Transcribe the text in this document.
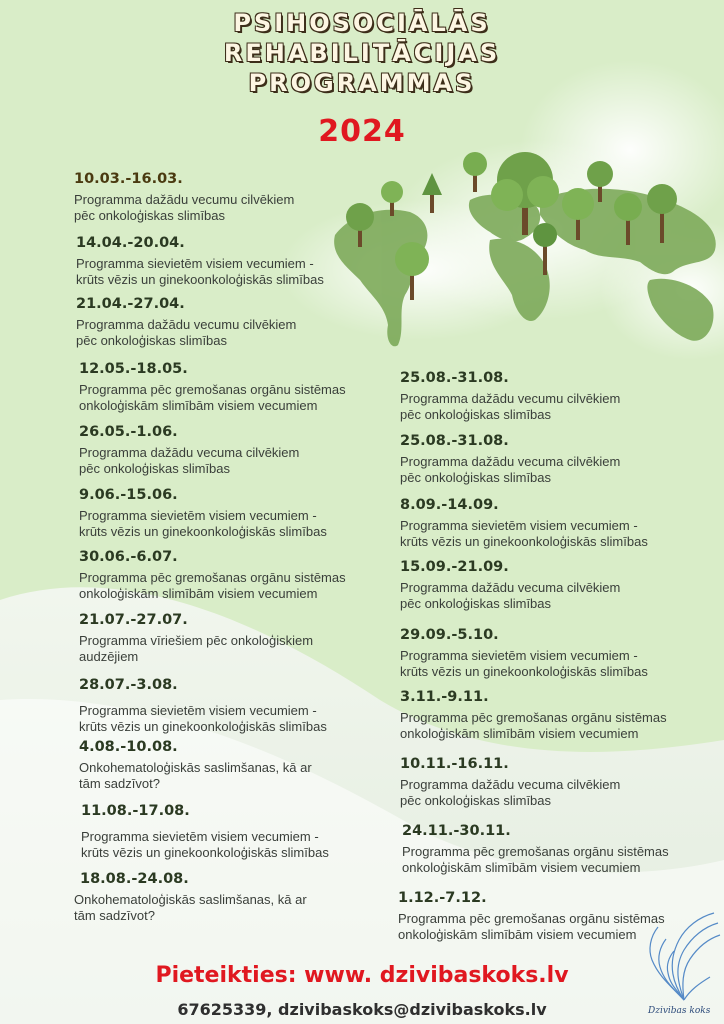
PSIHOSOCIĀLĀS
REHABILITĀCIJAS
PROGRAMMAS
2024
10.03.-16.03.
Programma dažādu vecumu cilvēkiem
pēc onkoloģiskas slimības
14.04.-20.04.
Programma sievietēm visiem vecumiem -
krūts vēzis un ginekoonkoloģiskās slimības
21.04.-27.04.
Programma dažādu vecumu cilvēkiem
pēc onkoloģiskas slimības
12.05.-18.05.
Programma pēc gremošanas orgānu sistēmas
onkoloģiskām slimībām visiem vecumiem
26.05.-1.06.
Programma dažādu vecuma cilvēkiem
pēc onkoloģiskas slimības
9.06.-15.06.
Programma sievietēm visiem vecumiem -
krūts vēzis un ginekoonkoloģiskās slimības
30.06.-6.07.
Programma pēc gremošanas orgānu sistēmas
onkoloģiskām slimībām visiem vecumiem
21.07.-27.07.
Programma vīriešiem pēc onkoloģiskiem
audzējiem
28.07.-3.08.
Programma sievietēm visiem vecumiem -
krūts vēzis un ginekoonkoloģiskās slimības
4.08.-10.08.
Onkohematoloģiskās saslimšanas, kā ar
tām sadzīvot?
11.08.-17.08.
Programma sievietēm visiem vecumiem -
krūts vēzis un ginekoonkoloģiskās slimības
18.08.-24.08.
Onkohematoloģiskās saslimšanas, kā ar
tām sadzīvot?
25.08.-31.08.
Programma dažādu vecumu cilvēkiem
pēc onkoloģiskas slimības
25.08.-31.08.
Programma dažādu vecuma cilvēkiem
pēc onkoloģiskas slimības
8.09.-14.09.
Programma sievietēm visiem vecumiem -
krūts vēzis un ginekoonkoloģiskās slimības
15.09.-21.09.
Programma dažādu vecuma cilvēkiem
pēc onkoloģiskas slimības
29.09.-5.10.
Programma sievietēm visiem vecumiem -
krūts vēzis un ginekoonkoloģiskās slimības
3.11.-9.11.
Programma pēc gremošanas orgānu sistēmas
onkoloģiskām slimībām visiem vecumiem
10.11.-16.11.
Programma dažādu vecuma cilvēkiem
pēc onkoloģiskas slimības
24.11.-30.11.
Programma pēc gremošanas orgānu sistēmas
onkoloģiskām slimībām visiem vecumiem
1.12.-7.12.
Programma pēc gremošanas orgānu sistēmas
onkoloģiskām slimībām visiem vecumiem
Pieteikties: www. dzivibaskoks.lv
67625339, dzivibaskoks@dzivibaskoks.lv	Dzivibas koks
